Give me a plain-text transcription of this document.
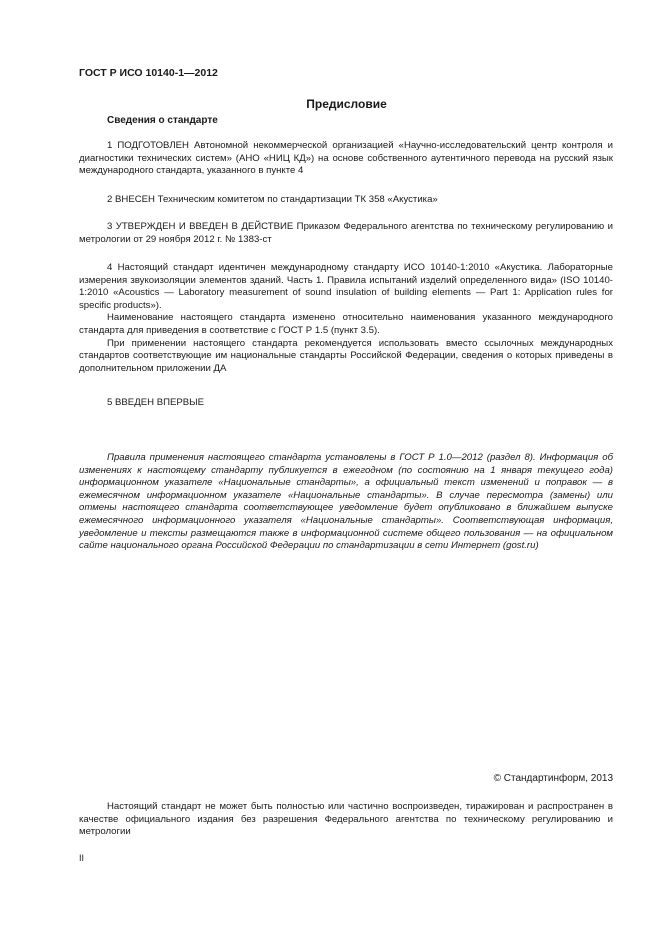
ГОСТ Р ИСО 10140-1—2012
Предисловие
Сведения о стандарте

1 ПОДГОТОВЛЕН Автономной некоммерческой организацией «Научно-исследовательский центр контроля и диагностики технических систем» (АНО «НИЦ КД») на основе собственного аутентичного перевода на русский язык международного стандарта, указанного в пункте 4

2 ВНЕСЕН Техническим комитетом по стандартизации ТК 358 «Акустика»

3 УТВЕРЖДЕН И ВВЕДЕН В ДЕЙСТВИЕ Приказом Федерального агентства по техническому регулированию и метрологии от 29 ноября 2012 г. № 1383-ст

4 Настоящий стандарт идентичен международному стандарту ИСО 10140-1:2010 «Акустика. Лабораторные измерения звукоизоляции элементов зданий. Часть 1. Правила испытаний изделий определенного вида» (ISO 10140-1:2010 «Acoustics — Laboratory measurement of sound insulation of building elements — Part 1: Application rules for specific products»).

Наименование настоящего стандарта изменено относительно наименования указанного международного стандарта для приведения в соответствие с ГОСТ Р 1.5 (пункт 3.5).

При применении настоящего стандарта рекомендуется использовать вместо ссылочных международных стандартов соответствующие им национальные стандарты Российской Федерации, сведения о которых приведены в дополнительном приложении ДА

5 ВВЕДЕН ВПЕРВЫЕ

Правила применения настоящего стандарта установлены в ГОСТ Р 1.0—2012 (раздел 8). Информация об изменениях к настоящему стандарту публикуется в ежегодном (по состоянию на 1 января текущего года) информационном указателе «Национальные стандарты», а официальный текст изменений и поправок — в ежемесячном информационном указателе «Национальные стандарты». В случае пересмотра (замены) или отмены настоящего стандарта соответствующее уведомление будет опубликовано в ближайшем выпуске ежемесячного информационного указателя «Национальные стандарты». Соответствующая информация, уведомление и тексты размещаются также в информационной системе общего пользования — на официальном сайте национального органа Российской Федерации по стандартизации в сети Интернет (gost.ru)
© Стандартинформ, 2013

Настоящий стандарт не может быть полностью или частично воспроизведен, тиражирован и распространен в качестве официального издания без разрешения Федерального агентства по техническому регулированию и метрологии

II
